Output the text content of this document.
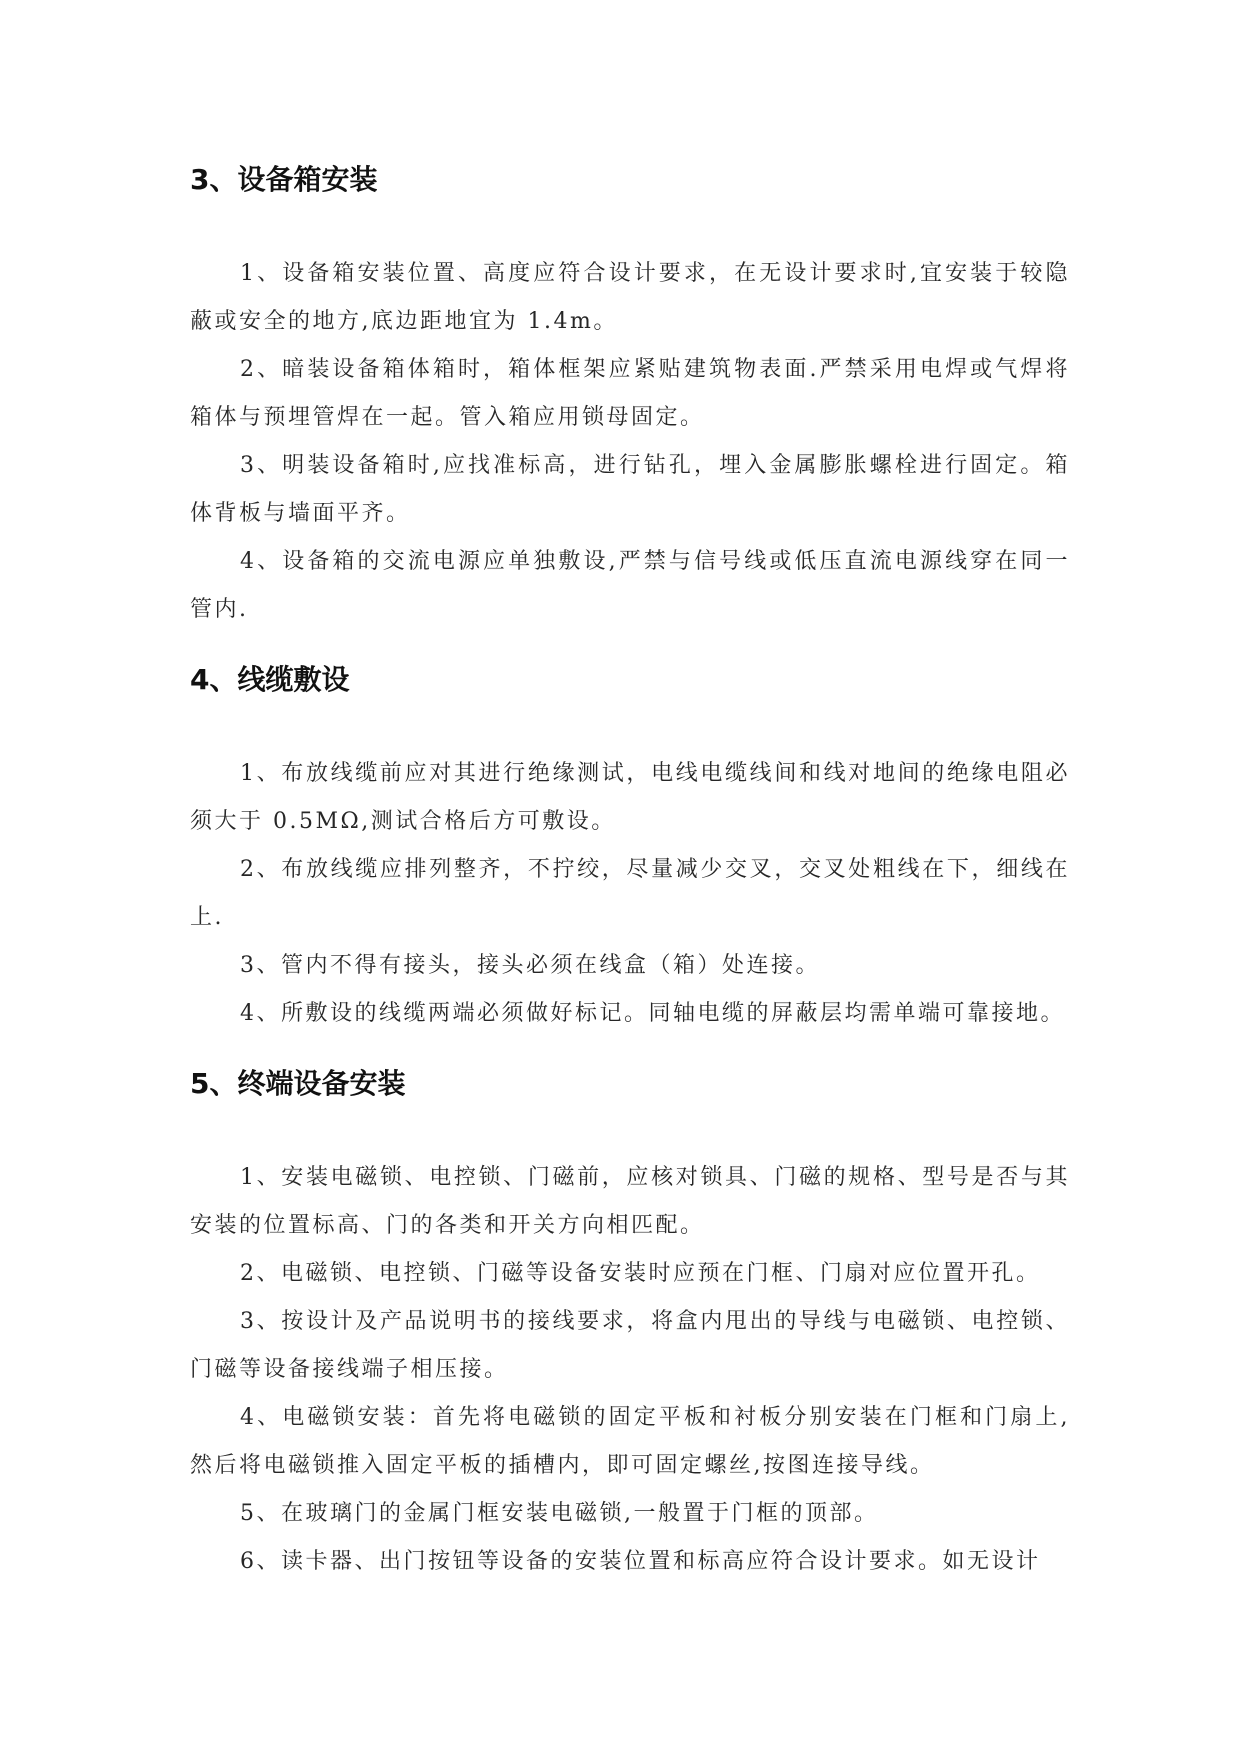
3、设备箱安装

1、设备箱安装位置、高度应符合设计要求，在无设计要求时,宜安装于较隐蔽或安全的地方,底边距地宜为 1.4m。

2、暗装设备箱体箱时，箱体框架应紧贴建筑物表面.严禁采用电焊或气焊将箱体与预埋管焊在一起。管入箱应用锁母固定。

3、明装设备箱时,应找准标高，进行钻孔，埋入金属膨胀螺栓进行固定。箱体背板与墙面平齐。

4、设备箱的交流电源应单独敷设,严禁与信号线或低压直流电源线穿在同一管内.

4、线缆敷设

1、布放线缆前应对其进行绝缘测试，电线电缆线间和线对地间的绝缘电阻必须大于 0.5MΩ,测试合格后方可敷设。

2、布放线缆应排列整齐，不拧绞，尽量减少交叉，交叉处粗线在下，细线在上.

3、管内不得有接头，接头必须在线盒（箱）处连接。

4、所敷设的线缆两端必须做好标记。同轴电缆的屏蔽层均需单端可靠接地。

5、终端设备安装

1、安装电磁锁、电控锁、门磁前，应核对锁具、门磁的规格、型号是否与其安装的位置标高、门的各类和开关方向相匹配。

2、电磁锁、电控锁、门磁等设备安装时应预在门框、门扇对应位置开孔。

3、按设计及产品说明书的接线要求，将盒内甩出的导线与电磁锁、电控锁、门磁等设备接线端子相压接。

4、电磁锁安装：首先将电磁锁的固定平板和衬板分别安装在门框和门扇上,然后将电磁锁推入固定平板的插槽内，即可固定螺丝,按图连接导线。

5、在玻璃门的金属门框安装电磁锁,一般置于门框的顶部。

6、读卡器、出门按钮等设备的安装位置和标高应符合设计要求。如无设计
